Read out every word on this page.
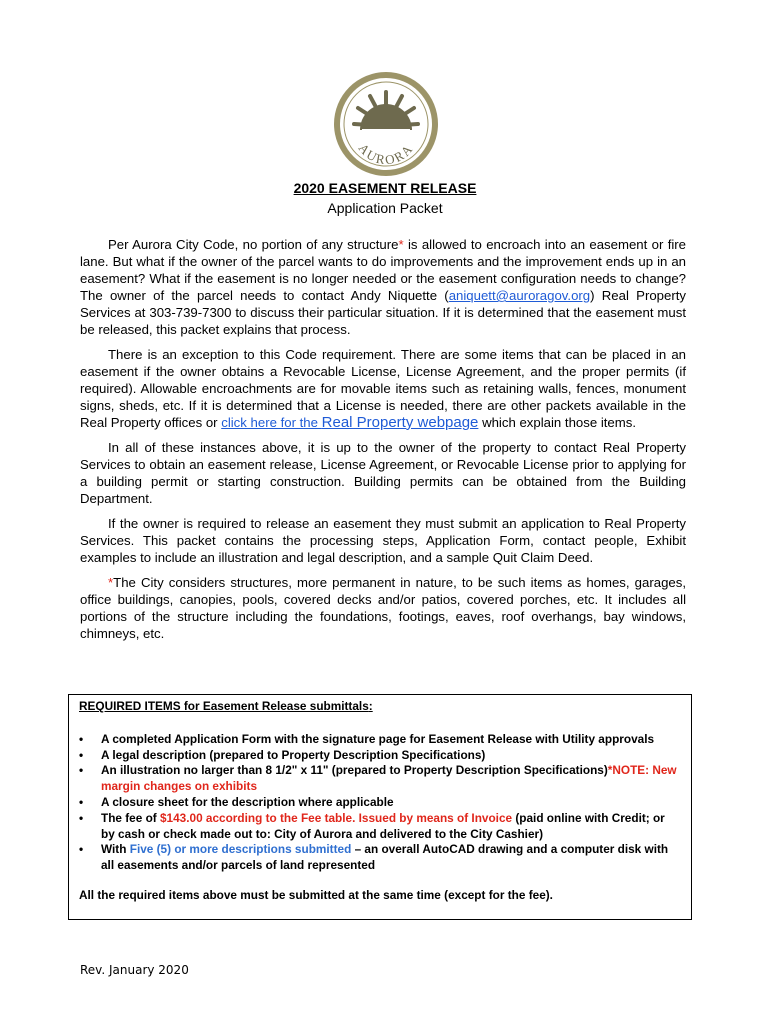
AURORA
2020 EASEMENT RELEASE
Application Packet

Per Aurora City Code, no portion of any structure* is allowed to encroach into an easement or fire lane. But what if the owner of the parcel wants to do improvements and the improvement ends up in an easement? What if the easement is no longer needed or the easement configuration needs to change? The owner of the parcel needs to contact Andy Niquette (aniquett@auroragov.org) Real Property Services at 303-739-7300 to discuss their particular situation. If it is determined that the easement must be released, this packet explains that process.

There is an exception to this Code requirement. There are some items that can be placed in an easement if the owner obtains a Revocable License, License Agreement, and the proper permits (if required). Allowable encroachments are for movable items such as retaining walls, fences, monument signs, sheds, etc. If it is determined that a License is needed, there are other packets available in the Real Property offices or click here for the Real Property webpage which explain those items.

In all of these instances above, it is up to the owner of the property to contact Real Property Services to obtain an easement release, License Agreement, or Revocable License prior to applying for a building permit or starting construction. Building permits can be obtained from the Building Department.

If the owner is required to release an easement they must submit an application to Real Property Services. This packet contains the processing steps, Application Form, contact people, Exhibit examples to include an illustration and legal description, and a sample Quit Claim Deed.

*The City considers structures, more permanent in nature, to be such items as homes, garages, office buildings, canopies, pools, covered decks and/or patios, covered porches, etc. It includes all portions of the structure including the foundations, footings, eaves, roof overhangs, bay windows, chimneys, etc.

REQUIRED ITEMS for Easement Release submittals:
• A completed Application Form with the signature page for Easement Release with Utility approvals
• A legal description (prepared to Property Description Specifications)
• An illustration no larger than 8 1/2" x 11" (prepared to Property Description Specifications)*NOTE: New margin changes on exhibits
• A closure sheet for the description where applicable
• The fee of $143.00 according to the Fee table. Issued by means of Invoice (paid online with Credit; or by cash or check made out to: City of Aurora and delivered to the City Cashier)
• With Five (5) or more descriptions submitted – an overall AutoCAD drawing and a computer disk with all easements and/or parcels of land represented
All the required items above must be submitted at the same time (except for the fee).
Rev. January 2020
